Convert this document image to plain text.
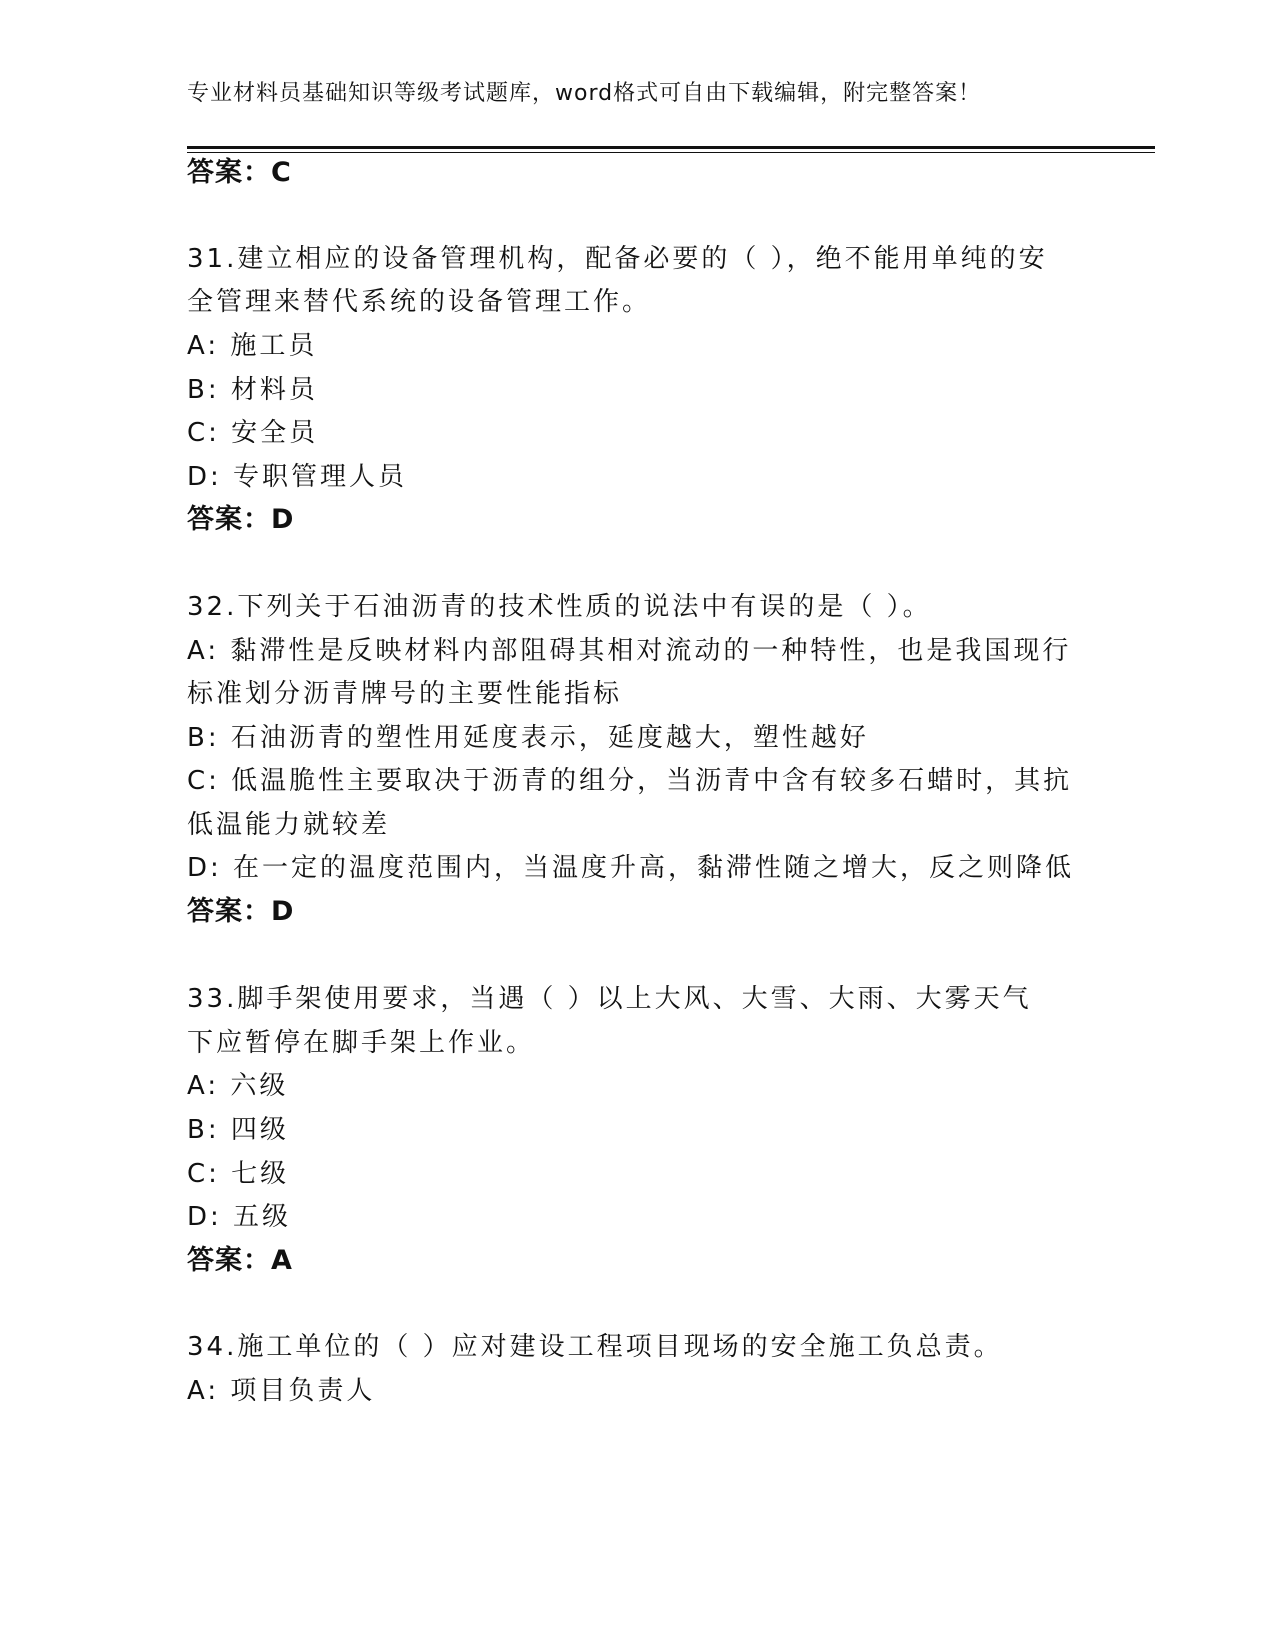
专业材料员基础知识等级考试题库，word格式可自由下载编辑，附完整答案！
答案：C
31.建立相应的设备管理机构，配备必要的（ ），绝不能用单纯的安
全管理来替代系统的设备管理工作。
A: 施工员
B: 材料员
C: 安全员
D: 专职管理人员
答案：D
32.下列关于石油沥青的技术性质的说法中有误的是（ ）。
A: 黏滞性是反映材料内部阻碍其相对流动的一种特性，也是我国现行
标准划分沥青牌号的主要性能指标
B: 石油沥青的塑性用延度表示，延度越大，塑性越好
C: 低温脆性主要取决于沥青的组分，当沥青中含有较多石蜡时，其抗
低温能力就较差
D: 在一定的温度范围内，当温度升高，黏滞性随之增大，反之则降低
答案：D
33.脚手架使用要求，当遇（ ）以上大风、大雪、大雨、大雾天气
下应暂停在脚手架上作业。
A: 六级
B: 四级
C: 七级
D: 五级
答案：A
34.施工单位的（ ）应对建设工程项目现场的安全施工负总责。
A: 项目负责人
